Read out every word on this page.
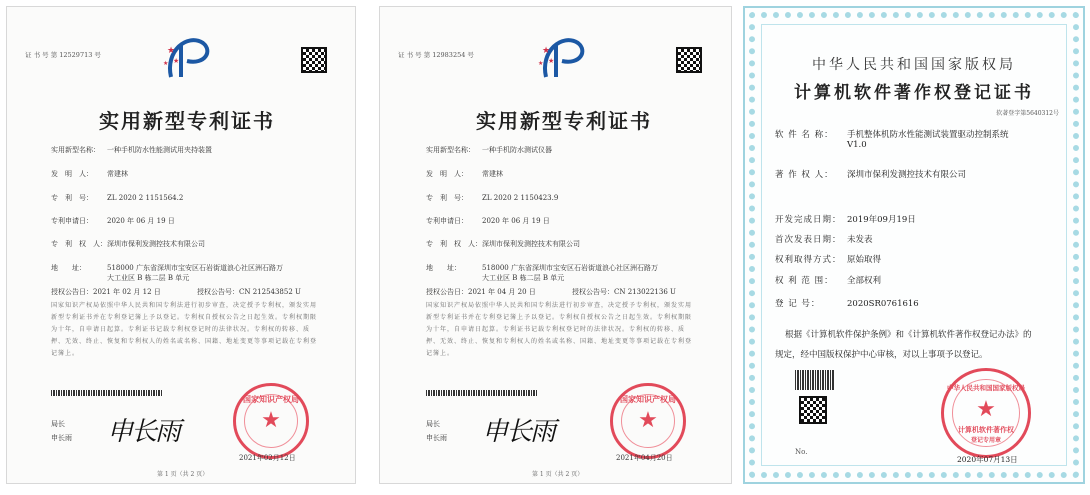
证 书 号 第 12529713 号	★
★
★
实用新型专利证书
实用新型名称： 一种手机防水性能测试用夹持装置
发　明　人： 常建林
专　利　号： ZL 2020 2 1151564.2
专利申请日： 2020 年 06 月 19 日
专　利　权　人：深圳市保利发测控技术有限公司
地　　址：	518000 广东省深圳市宝安区石岩街道浪心社区洲石路万
大工业区 B 栋二层 B 单元
授权公告日：2021 年 02 月 12 日	授权公告号：CN 212543852 U
国家知识产权局依照中华人民共和国专利法进行初步审查，决定授予专利权，颁发实用新型专利证书并在专利登记簿上予以登记。专利权自授权公告之日起生效。专利权期限为十年，自申请日起算。专利证书记载专利权登记时的法律状况。专利权的转移、质押、无效、终止、恢复和专利权人的姓名或名称、国籍、地址变更等事项记载在专利登记簿上。
局长
申长雨 申长雨
国家知识产权局
★
2021年02月12日
第 1 页（共 2 页）
证 书 号 第 12983254 号	★
★
★
实用新型专利证书
实用新型名称： 一种手机防水测试仪器
发　明　人： 常建林
专　利　号： ZL 2020 2 1150423.9
专利申请日： 2020 年 06 月 19 日
专　利　权　人：深圳市保利发测控技术有限公司
地　　址：	518000 广东省深圳市宝安区石岩街道浪心社区洲石路万
大工业区 B 栋二层 B 单元
授权公告日：2021 年 04 月 20 日	授权公告号：CN 213022136 U
国家知识产权局依照中华人民共和国专利法进行初步审查，决定授予专利权，颁发实用新型专利证书并在专利登记簿上予以登记。专利权自授权公告之日起生效。专利权期限为十年，自申请日起算。专利证书记载专利权登记时的法律状况。专利权的转移、质押、无效、终止、恢复和专利权人的姓名或名称、国籍、地址变更等事项记载在专利登记簿上。
局长
申长雨 申长雨
国家知识产权局
★
2021年04月20日
第 1 页（共 2 页）
中华人民共和国国家版权局
计算机软件著作权登记证书
软著登字第5640312号
软 件 名 称： 手机整体机防水性能测试装置驱动控制系统
V1.0
著 作 权 人： 深圳市保利发测控技术有限公司
开发完成日期： 2019年09月19日
首次发表日期： 未发表
权利取得方式： 原始取得
权 利 范 围： 全部权利
登 记 号：	2020SR0761616
根据《计算机软件保护条例》和《计算机软件著作权登记办法》的
规定，经中国版权保护中心审核，对以上事项予以登记。
No.
中华人民共和国国家版权局
★
计算机软件著作权
登记专用章
2020年07月13日
